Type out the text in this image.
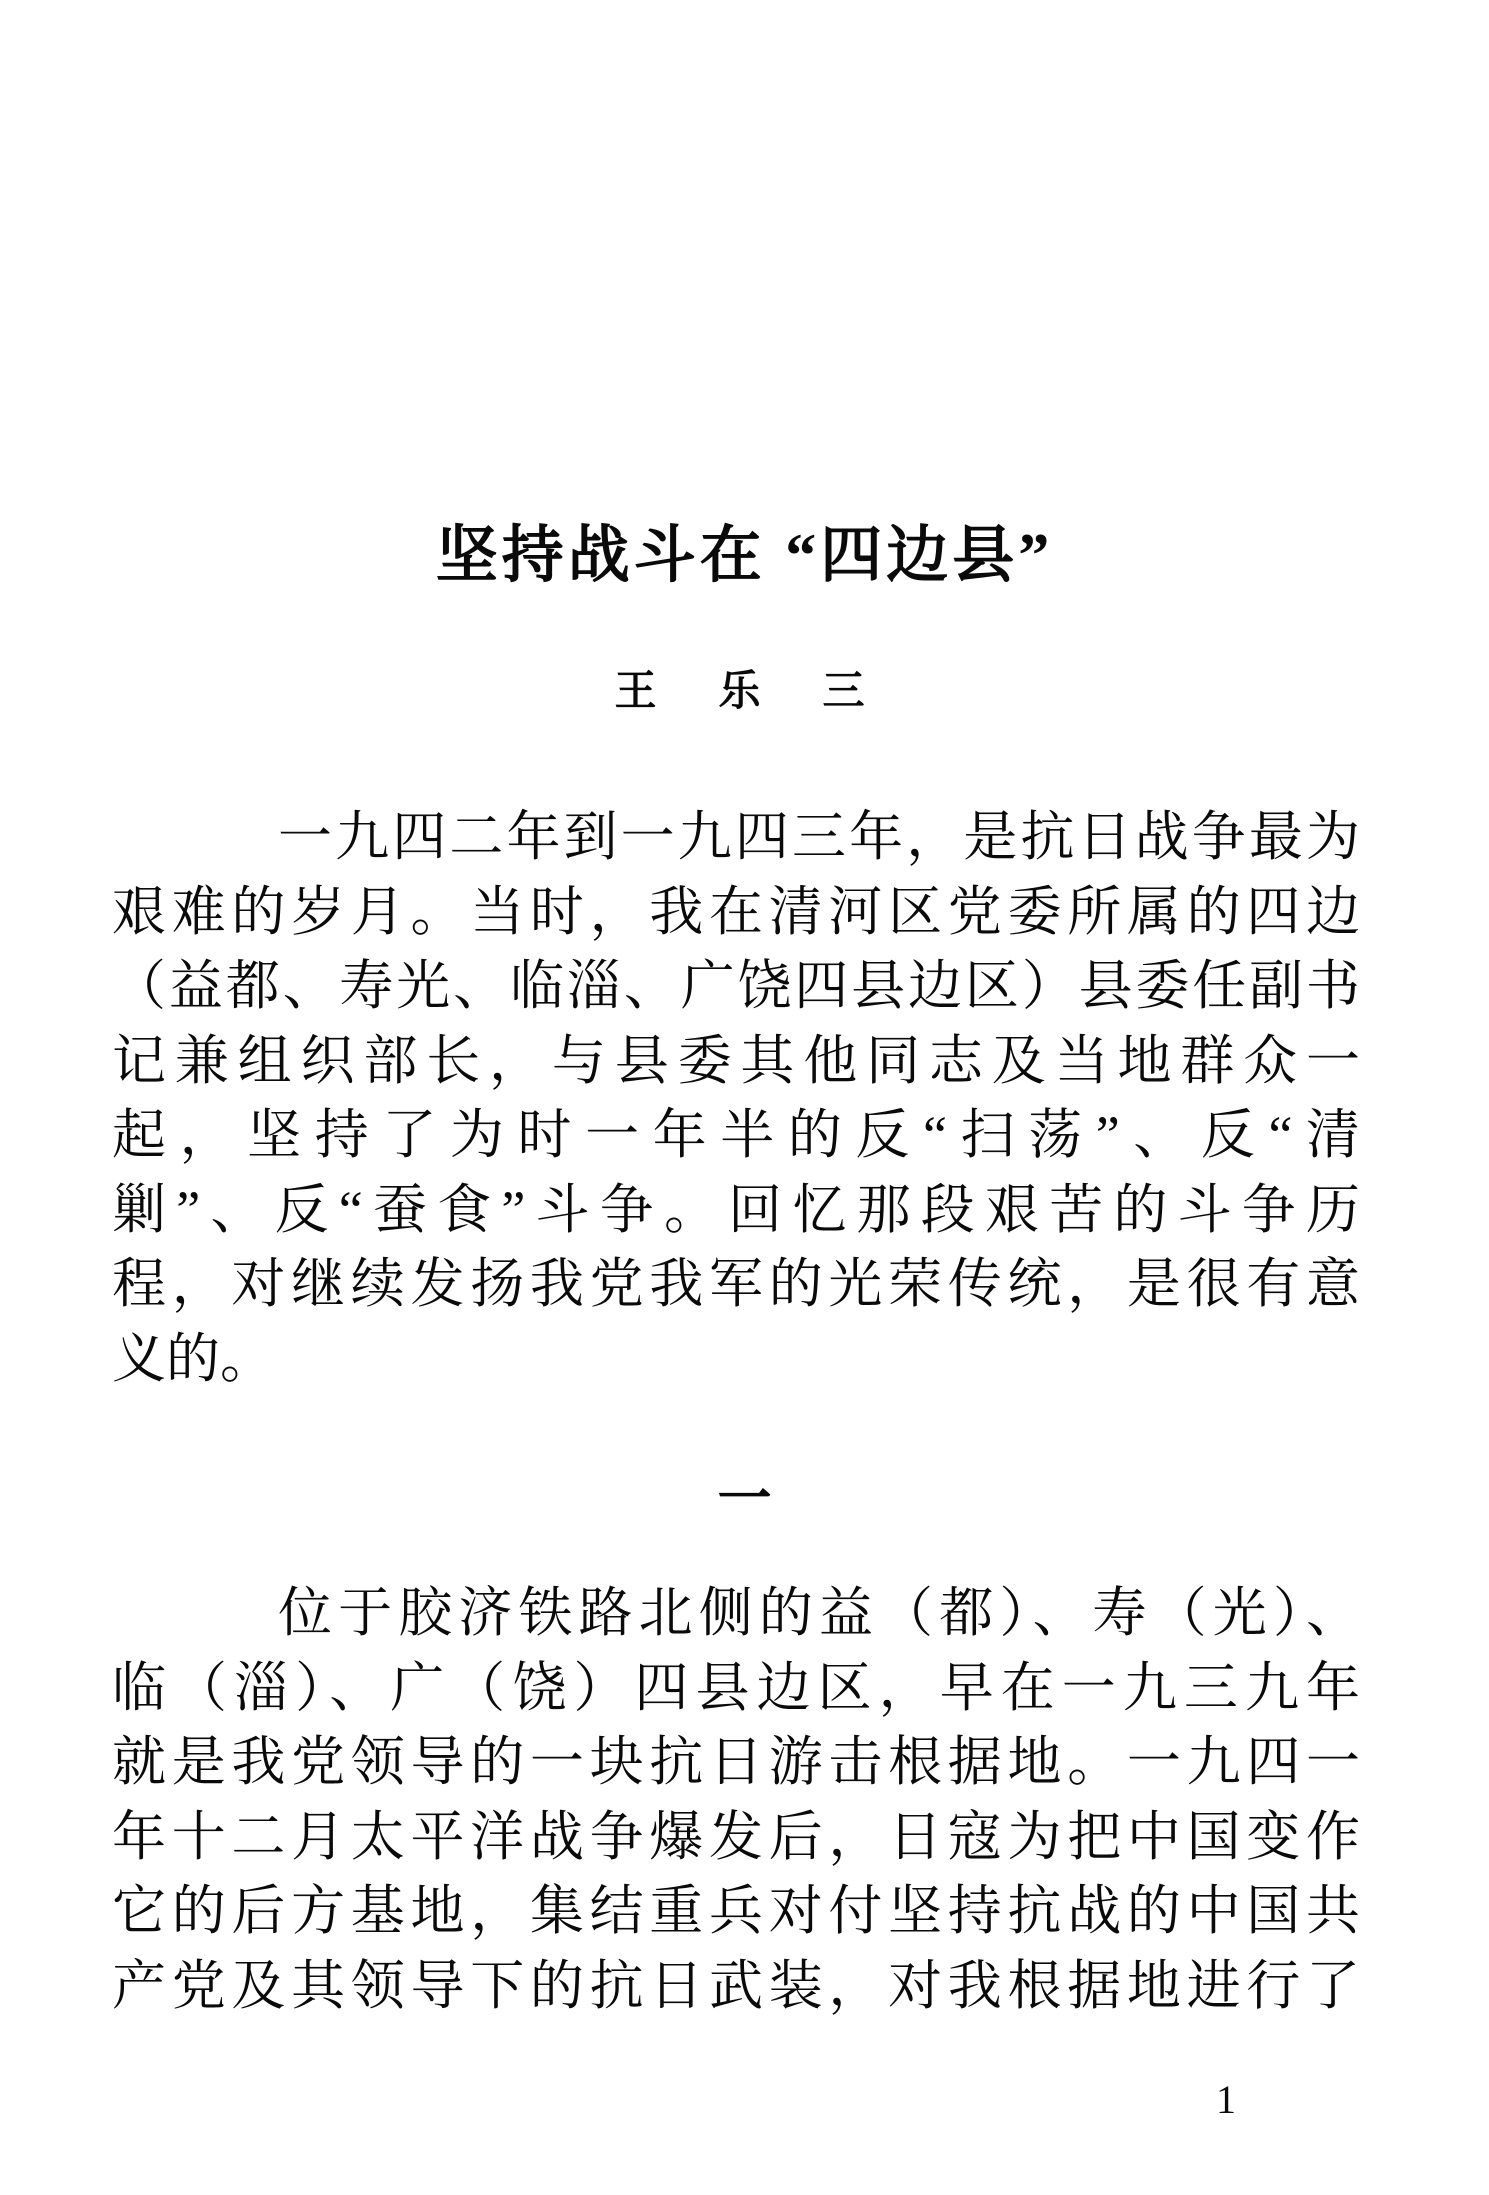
坚持战斗在 “四边县”
王　乐　三
一九四二年到一九四三年，是抗日战争最为
艰难的岁月。当时，我在清河区党委所属的四边
（益都、寿光、临淄、广饶四县边区）县委任副书
记兼组织部长，与县委其他同志及当地群众一
起，坚持了为时一年半的反“扫荡”、反“清
剿”、反“蚕食”斗争。回忆那段艰苦的斗争历
程，对继续发扬我党我军的光荣传统，是很有意
义的。
一
位于胶济铁路北侧的益（都）、寿（光）、
临（淄）、广（饶）四县边区，早在一九三九年
就是我党领导的一块抗日游击根据地。一九四一
年十二月太平洋战争爆发后，日寇为把中国变作
它的后方基地，集结重兵对付坚持抗战的中国共
产党及其领导下的抗日武装，对我根据地进行了
1
